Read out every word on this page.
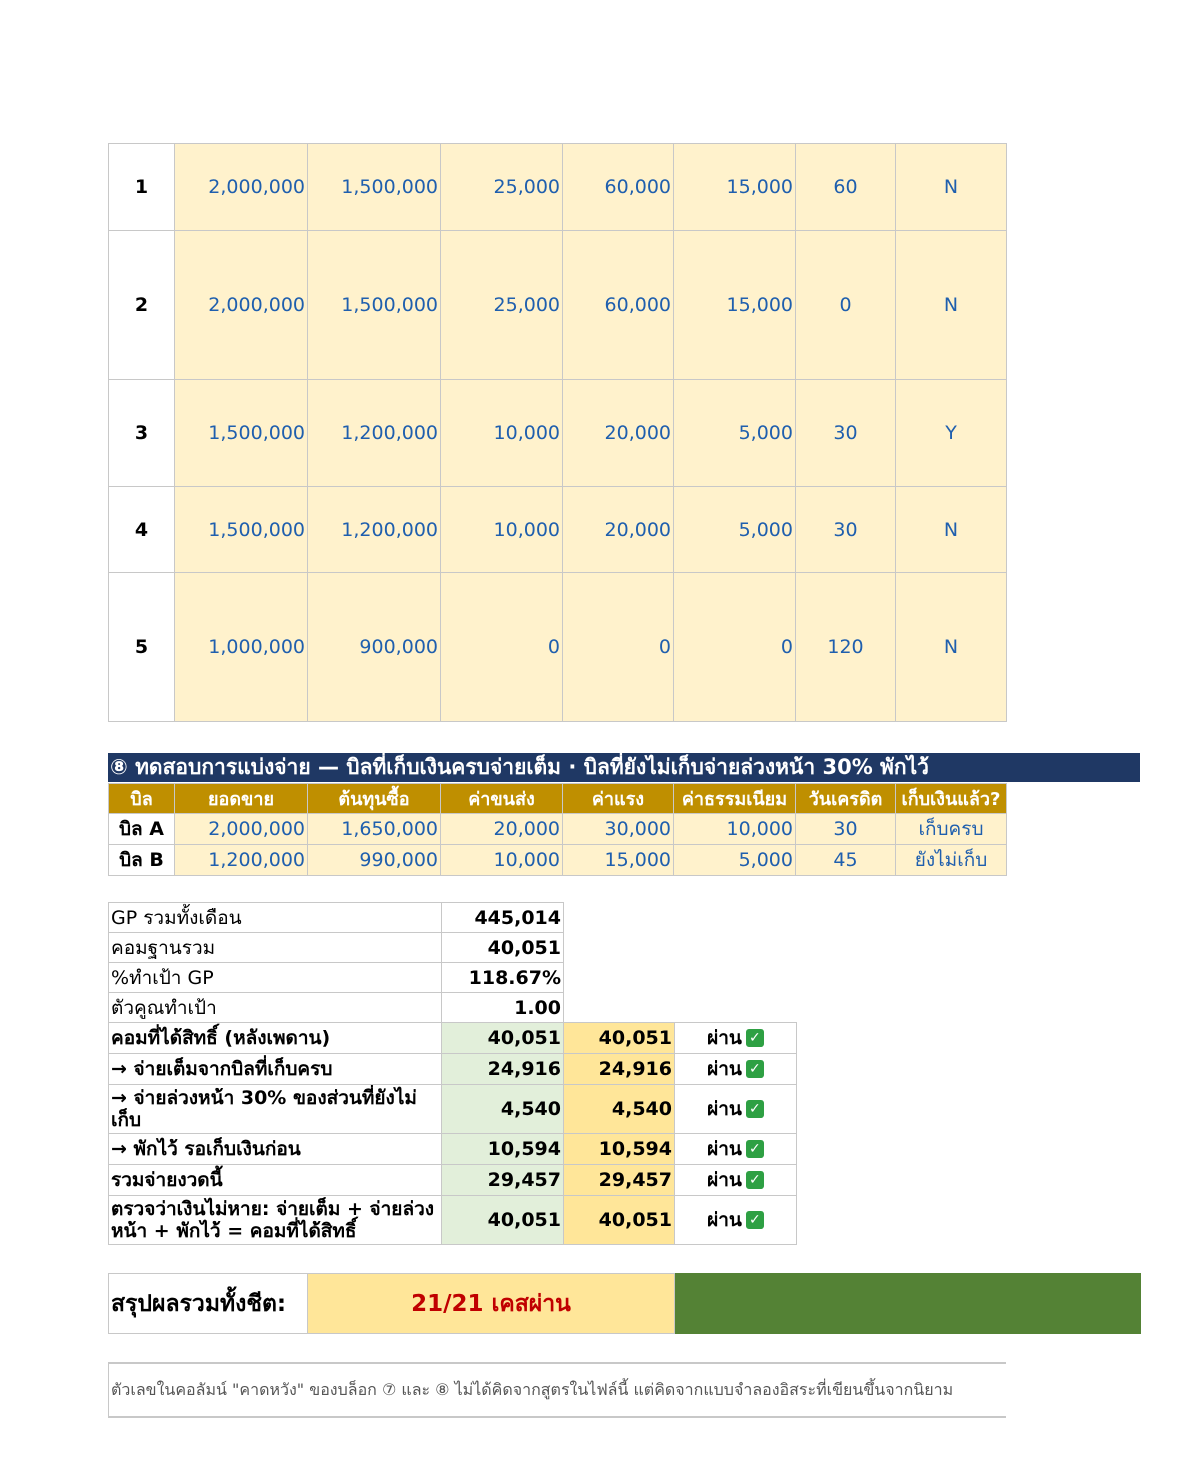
1	2,000,000	1,500,000	25,000	60,000	15,000	60	N
2	2,000,000	1,500,000	25,000	60,000	15,000	0	N
3	1,500,000	1,200,000	10,000	20,000	5,000	30	Y
4	1,500,000	1,200,000	10,000	20,000	5,000	30	N
5	1,000,000	900,000	0	0	0	120	N
⑧ ทดสอบการแบ่งจ่าย — บิลที่เก็บเงินครบจ่ายเต็ม · บิลที่ยังไม่เก็บจ่ายล่วงหน้า 30% พักไว้
บิล	ยอดขาย	ต้นทุนซื้อ	ค่าขนส่ง	ค่าแรง	ค่าธรรมเนียม	วันเครดิต	เก็บเงินแล้ว?
บิล A	2,000,000	1,650,000	20,000	30,000	10,000	30	เก็บครบ
บิล B	1,200,000	990,000	10,000	15,000	5,000	45	ยังไม่เก็บ
GP รวมทั้งเดือน	445,014		
คอมฐานรวม	40,051		
%ทำเป้า GP	118.67%		
ตัวคูณทำเป้า	1.00		
คอมที่ได้สิทธิ์ (หลังเพดาน)	40,051	40,051	ผ่าน ✓
→ จ่ายเต็มจากบิลที่เก็บครบ	24,916	24,916	ผ่าน ✓
→ จ่ายล่วงหน้า 30% ของส่วนที่ยังไม่เก็บ	4,540	4,540	ผ่าน ✓
→ พักไว้ รอเก็บเงินก่อน	10,594	10,594	ผ่าน ✓
รวมจ่ายงวดนี้	29,457	29,457	ผ่าน ✓
ตรวจว่าเงินไม่หาย: จ่ายเต็ม + จ่ายล่วงหน้า + พักไว้ = คอมที่ได้สิทธิ์	40,051	40,051	ผ่าน ✓
สรุปผลรวมทั้งชีต:	21/21 เคสผ่าน	
ตัวเลขในคอลัมน์ "คาดหวัง" ของบล็อก ⑦ และ ⑧ ไม่ได้คิดจากสูตรในไฟล์นี้ แต่คิดจากแบบจำลองอิสระที่เขียนขึ้นจากนิยาม
